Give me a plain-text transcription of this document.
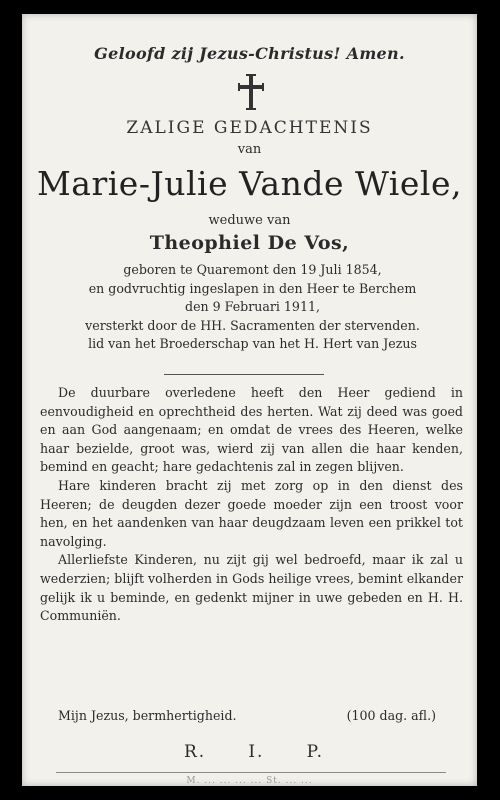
Geloofd zij Jezus-Christus! Amen.
ZALIGE GEDACHTENIS
van
Marie-Julie Vande Wiele,
weduwe van
Theophiel De Vos,
geboren te Quaremont den 19 Juli 1854,
en godvruchtig ingeslapen in den Heer te Berchem
den 9 Februari 1911,
versterkt door de HH. Sacramenten der stervenden.
lid van het Broederschap van het H. Hert van Jezus

De duurbare overledene heeft den Heer gediend in eenvoudigheid en oprechtheid des herten. Wat zij deed was goed en aan God aangenaam; en omdat de vrees des Heeren, welke haar bezielde, groot was, wierd zij van allen die haar kenden, bemind en geacht; hare gedachtenis zal in zegen blijven.

Hare kinderen bracht zij met zorg op in den dienst des Heeren; de deugden dezer goede moeder zijn een troost voor hen, en het aandenken van haar deugdzaam leven een prikkel tot navolging.

Allerliefste Kinderen, nu zijt gij wel bedroefd, maar ik zal u wederzien; blijft volherden in Gods heilige vrees, bemint elkander gelijk ik u beminde, en gedenkt mijner in uwe gebeden en H. H. Communiën.

Mijn Jezus, bermhertigheid.	(100 dag. afl.)
R. I. P.
M. ... ... ... ... St. ... ...
